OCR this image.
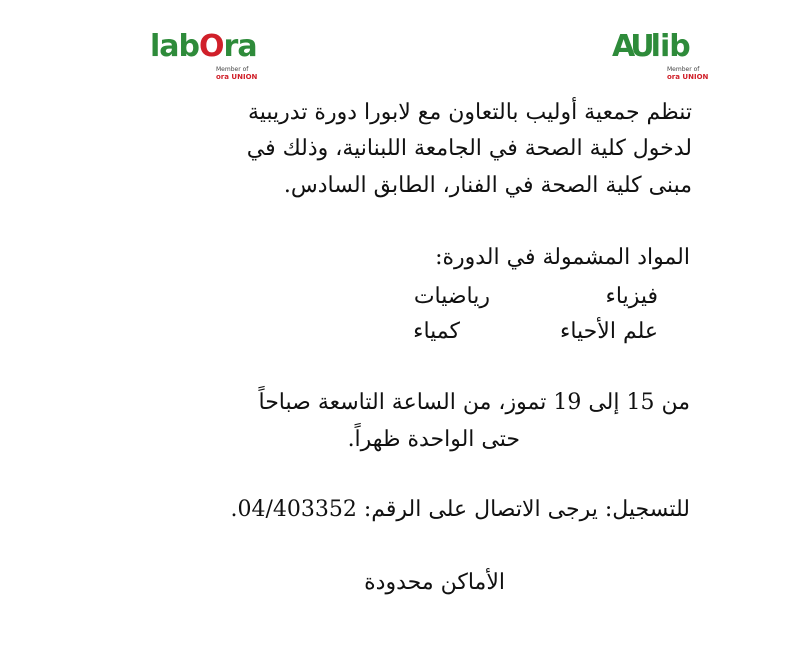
labOra
Member of
ora UNION
AUlib
Member of
ora UNION
تنظم جمعية أوليب بالتعاون مع لابورا دورة تدريبية
لدخول كلية الصحة في الجامعة اللبنانية، وذلك في
مبنى كلية الصحة في الفنار، الطابق السادس.
المواد المشمولة في الدورة:
فيزياء
رياضيات
علم الأحياء
كمياء
من 15 إلى 19 تموز، من الساعة التاسعة صباحاً
حتى الواحدة ظهراً.
للتسجيل: يرجى الاتصال على الرقم: 04/403352.
الأماكن محدودة
